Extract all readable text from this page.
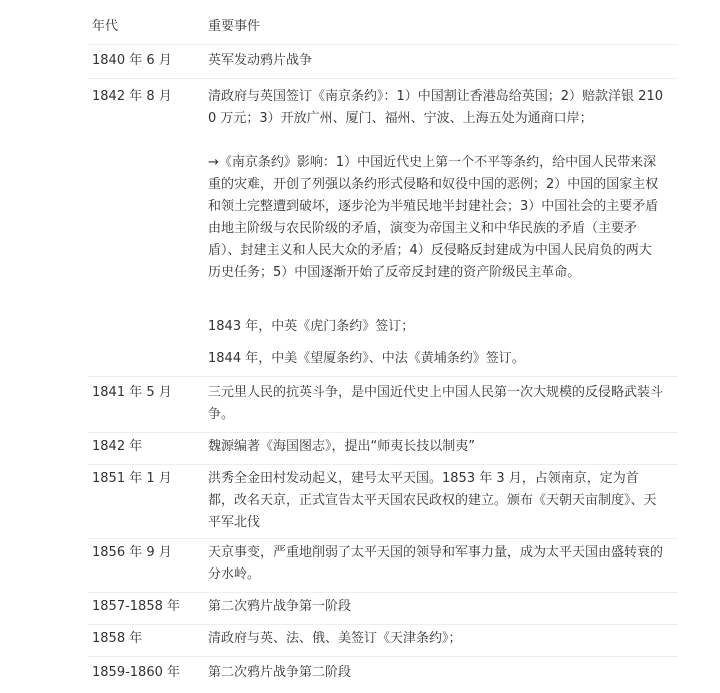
年代	重要事件
1840 年 6 月	英军发动鸦片战争
1842 年 8 月	清政府与英国签订《南京条约》：1）中国割让香港岛给英国；2）赔款洋银 2100 万元；3）开放广州、厦门、福州、宁波、上海五处为通商口岸；
→《南京条约》影响：1）中国近代史上第一个不平等条约，给中国人民带来深重的灾难，开创了列强以条约形式侵略和奴役中国的恶例；2）中国的国家主权和领土完整遭到破坏，逐步沦为半殖民地半封建社会；3）中国社会的主要矛盾由地主阶级与农民阶级的矛盾，演变为帝国主义和中华民族的矛盾（主要矛盾）、封建主义和人民大众的矛盾；4）反侵略反封建成为中国人民肩负的两大历史任务；5）中国逐渐开始了反帝反封建的资产阶级民主革命。
1843 年，中英《虎门条约》签订；
1844 年，中美《望厦条约》、中法《黄埔条约》签订。
1841 年 5 月	三元里人民的抗英斗争，是中国近代史上中国人民第一次大规模的反侵略武装斗争。
1842 年	魏源编著《海国图志》，提出“师夷长技以制夷”
1851 年 1 月	洪秀全金田村发动起义，建号太平天国。1853 年 3 月，占领南京，定为首都，改名天京，正式宣告太平天国农民政权的建立。颁布《天朝天亩制度》、天平军北伐
1856 年 9 月	天京事变，严重地削弱了太平天国的领导和军事力量，成为太平天国由盛转衰的分水岭。
1857-1858 年	第二次鸦片战争第一阶段
1858 年	清政府与英、法、俄、美签订《天津条约》；
1859-1860 年	第二次鸦片战争第二阶段
